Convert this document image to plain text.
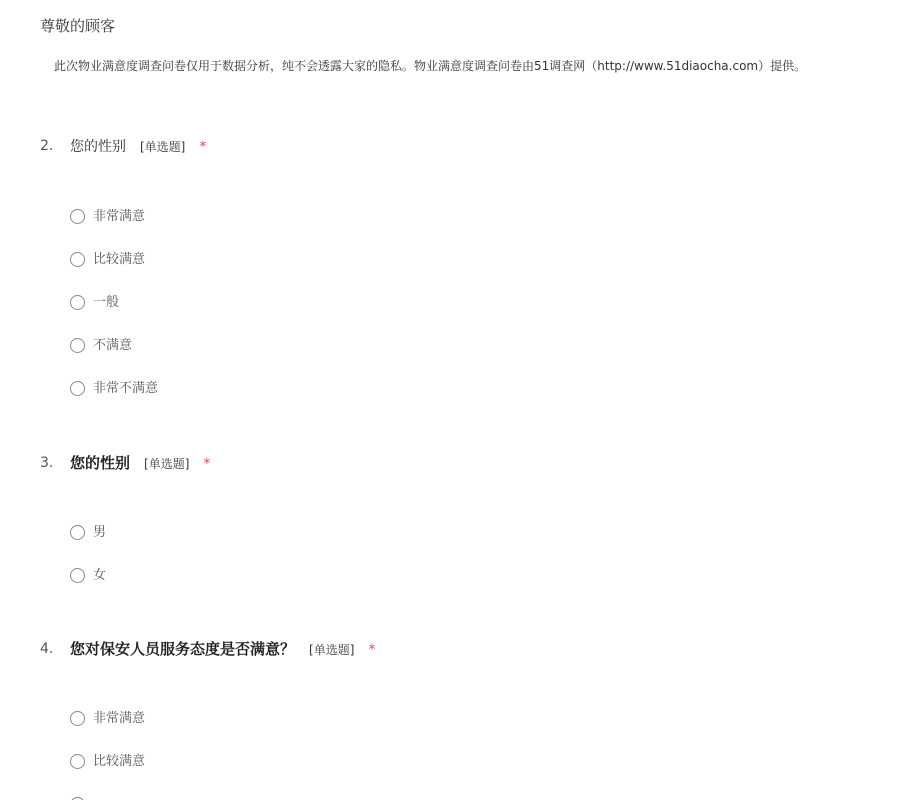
尊敬的顾客
此次物业满意度调查问卷仅用于数据分析，纯不会透露大家的隐私。物业满意度调查问卷由51调查网（http://www.51diaocha.com）提供。
2. 您的性别 [单选题] *
非常满意
比较满意
一般
不满意
非常不满意
3. 您的性别 [单选题] *
男
女
4. 您对保安人员服务态度是否满意？ [单选题] *
非常满意
比较满意
